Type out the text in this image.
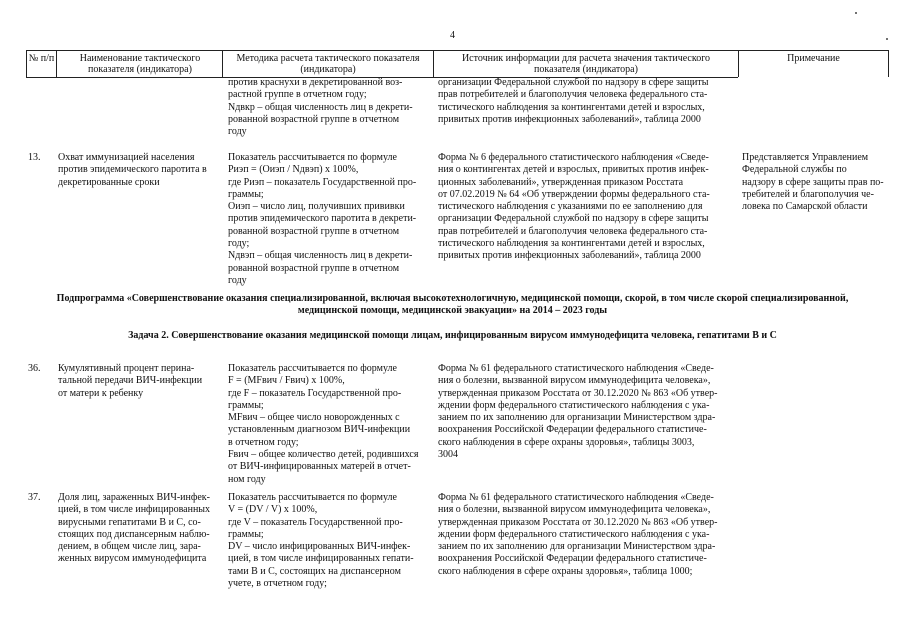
4
№ п/п	Наименование тактического показателя (индикатора)
Методика расчета тактического показателя (индикатора)
Источник информации для расчета значения тактического показателя (индикатора)
Примечание
против краснухи в декретированной воз-
растной группе в отчетном году;
Nдвкр – общая численность лиц в декрети-
рованной возрастной группе в отчетном
году
организации Федеральной службой по надзору в сфере защиты
прав потребителей и благополучия человека федерального ста-
тистического наблюдения за контингентами детей и взрослых,
привитых против инфекционных заболеваний», таблица 2000
13. Охват иммунизацией населения
против эпидемического паротита в
декретированные сроки
Показатель рассчитывается по формуле
Pиэп = (Oиэп / Nдвэп) x 100%,
где Pиэп – показатель Государственной про-
граммы;
Oиэп – число лиц, получивших прививки
против эпидемического паротита в декрети-
рованной возрастной группе в отчетном
году;
Nдвэп – общая численность лиц в декрети-
рованной возрастной группе в отчетном
году
Форма № 6 федерального статистического наблюдения «Сведе-
ния о контингентах детей и взрослых, привитых против инфек-
ционных заболеваний», утвержденная приказом Росстата
от 07.02.2019 № 64 «Об утверждении формы федерального ста-
тистического наблюдения с указаниями по ее заполнению для
организации Федеральной службой по надзору в сфере защиты
прав потребителей и благополучия человека федерального ста-
тистического наблюдения за контингентами детей и взрослых,
привитых против инфекционных заболеваний», таблица 2000
Представляется Управлением
Федеральной службы по
надзору в сфере защиты прав по-
требителей и благополучия че-
ловека по Самарской области
Подпрограмма «Совершенствование оказания специализированной, включая высокотехнологичную, медицинской помощи, скорой, в том числе скорой специализированной,
медицинской помощи, медицинской эвакуации» на 2014 – 2023 годы
Задача 2. Совершенствование оказания медицинской помощи лицам, инфицированным вирусом иммунодефицита человека, гепатитами В и С
36. Кумулятивный процент перина-
тальной передачи ВИЧ-инфекции
от матери к ребенку
Показатель рассчитывается по формуле
F = (MFвич / Fвич) x 100%,
где F – показатель Государственной про-
граммы;
MFвич – общее число новорожденных с
установленным диагнозом ВИЧ-инфекции
в отчетном году;
Fвич – общее количество детей, родившихся
от ВИЧ-инфицированных матерей в отчет-
ном году
Форма № 61 федерального статистического наблюдения «Сведе-
ния о болезни, вызванной вирусом иммунодефицита человека»,
утвержденная приказом Росстата от 30.12.2020 № 863 «Об утвер-
ждении форм федерального статистического наблюдения с ука-
занием по их заполнению для организации Министерством здра-
воохранения Российской Федерации федерального статистиче-
ского наблюдения в сфере охраны здоровья», таблицы 3003,
3004
37. Доля лиц, зараженных ВИЧ-инфек-
цией, в том числе инфицированных
вирусными гепатитами В и С, со-
стоящих под диспансерным наблю-
дением, в общем числе лиц, зара-
женных вирусом иммунодефицита
Показатель рассчитывается по формуле
V = (DV / V) x 100%,
где V – показатель Государственной про-
граммы;
DV – число инфицированных ВИЧ-инфек-
цией, в том числе инфицированных гепати-
тами В и С, состоящих на диспансерном
учете, в отчетном году;
Форма № 61 федерального статистического наблюдения «Сведе-
ния о болезни, вызванной вирусом иммунодефицита человека»,
утвержденная приказом Росстата от 30.12.2020 № 863 «Об утвер-
ждении форм федерального статистического наблюдения с ука-
занием по их заполнению для организации Министерством здра-
воохранения Российской Федерации федерального статистиче-
ского наблюдения в сфере охраны здоровья», таблица 1000;
